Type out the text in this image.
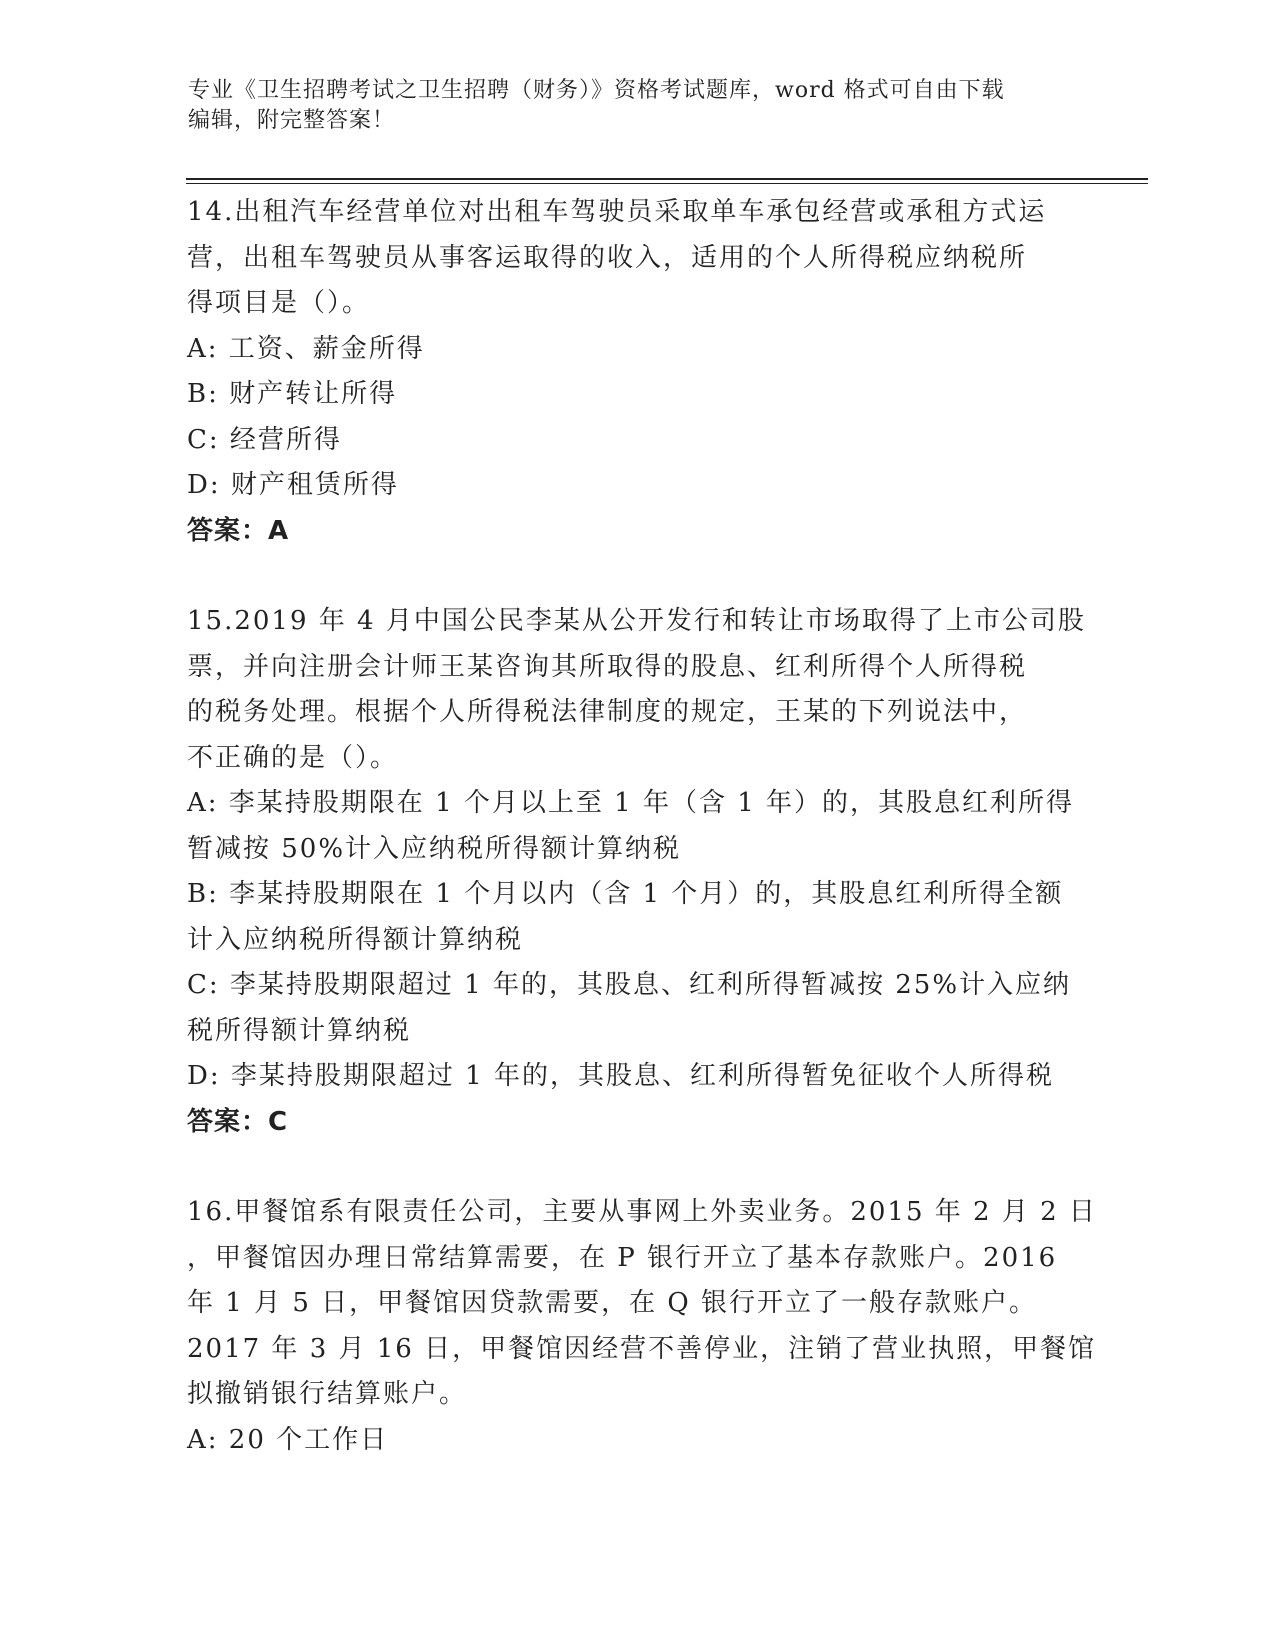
专业《卫生招聘考试之卫生招聘（财务）》资格考试题库，word 格式可自由下载
编辑，附完整答案！
14.出租汽车经营单位对出租车驾驶员采取单车承包经营或承租方式运
营，出租车驾驶员从事客运取得的收入，适用的个人所得税应纳税所
得项目是（）。
A: 工资、薪金所得
B: 财产转让所得
C: 经营所得
D: 财产租赁所得
答案：A
15.2019 年 4 月中国公民李某从公开发行和转让市场取得了上市公司股
票，并向注册会计师王某咨询其所取得的股息、红利所得个人所得税
的税务处理。根据个人所得税法律制度的规定，王某的下列说法中，
不正确的是（）。
A: 李某持股期限在 1 个月以上至 1 年（含 1 年）的，其股息红利所得
暂减按 50%计入应纳税所得额计算纳税
B: 李某持股期限在 1 个月以内（含 1 个月）的，其股息红利所得全额
计入应纳税所得额计算纳税
C: 李某持股期限超过 1 年的，其股息、红利所得暂减按 25%计入应纳
税所得额计算纳税
D: 李某持股期限超过 1 年的，其股息、红利所得暂免征收个人所得税
答案：C
16.甲餐馆系有限责任公司，主要从事网上外卖业务。2015 年 2 月 2 日
，甲餐馆因办理日常结算需要，在 P 银行开立了基本存款账户。2016
年 1 月 5 日，甲餐馆因贷款需要，在 Q 银行开立了一般存款账户。
2017 年 3 月 16 日，甲餐馆因经营不善停业，注销了营业执照，甲餐馆
拟撤销银行结算账户。
A: 20 个工作日
